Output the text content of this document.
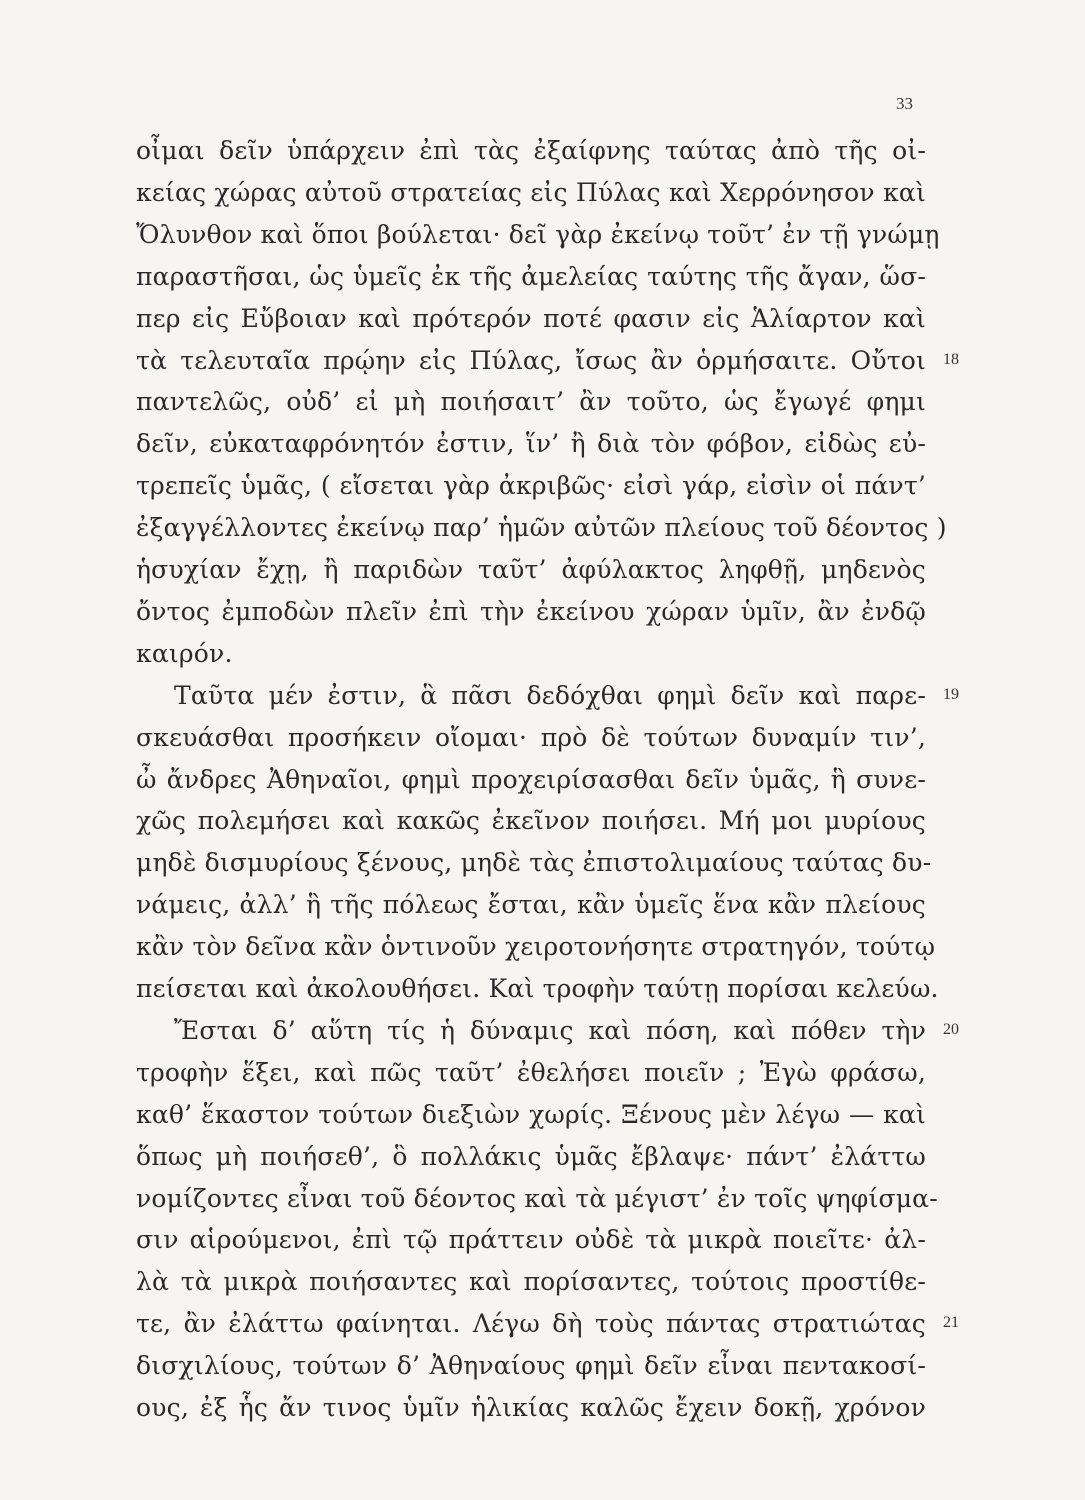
33
οἶμαι δεῖν ὑπάρχειν ἐπὶ τὰς ἐξαίφνης ταύτας ἀπὸ τῆς οἰ-
κείας χώρας αὐτοῦ στρατείας εἰς Πύλας καὶ Χερρόνησον καὶ
Ὄλυνθον καὶ ὅποι βούλεται· δεῖ γὰρ ἐκείνῳ τοῦτ’ ἐν τῇ γνώμῃ
παραστῆσαι, ὡς ὑμεῖς ἐκ τῆς ἀμελείας ταύτης τῆς ἄγαν, ὥσ-
περ εἰς Εὔβοιαν καὶ πρότερόν ποτέ φασιν εἰς Ἁλίαρτον καὶ
τὰ τελευταῖα πρῴην εἰς Πύλας, ἴσως ἂν ὁρμήσαιτε. Οὔτοι
παντελῶς, οὐδ’ εἰ μὴ ποιήσαιτ’ ἂν τοῦτο, ὡς ἔγωγέ φημι
δεῖν, εὐκαταφρόνητόν ἐστιν, ἵν’ ἢ διὰ τὸν φόβον, εἰδὼς εὐ-
τρεπεῖς ὑμᾶς, ( εἴσεται γὰρ ἀκριβῶς· εἰσὶ γάρ, εἰσὶν οἱ πάντ’
ἐξαγγέλλοντες ἐκείνῳ παρ’ ἡμῶν αὐτῶν πλείους τοῦ δέοντος )
ἡσυχίαν ἔχῃ, ἢ παριδὼν ταῦτ’ ἀφύλακτος ληφθῇ, μηδενὸς
ὄντος ἐμποδὼν πλεῖν ἐπὶ τὴν ἐκείνου χώραν ὑμῖν, ἂν ἐνδῷ
καιρόν.
Ταῦτα μέν ἐστιν, ἃ πᾶσι δεδόχθαι φημὶ δεῖν καὶ παρε-
σκευάσθαι προσήκειν οἴομαι· πρὸ δὲ τούτων δυναμίν τιν’,
ὦ ἄνδρες Ἀθηναῖοι, φημὶ προχειρίσασθαι δεῖν ὑμᾶς, ἣ συνε-
χῶς πολεμήσει καὶ κακῶς ἐκεῖνον ποιήσει. Μή μοι μυρίους
μηδὲ δισμυρίους ξένους, μηδὲ τὰς ἐπιστολιμαίους ταύτας δυ-
νάμεις, ἀλλ’ ἣ τῆς πόλεως ἔσται, κἂν ὑμεῖς ἕνα κἂν πλείους
κἂν τὸν δεῖνα κἂν ὁντινοῦν χειροτονήσητε στρατηγόν, τούτῳ
πείσεται καὶ ἀκολουθήσει. Καὶ τροφὴν ταύτῃ πορίσαι κελεύω.
Ἔσται δ’ αὕτη τίς ἡ δύναμις καὶ πόση, καὶ πόθεν τὴν
τροφὴν ἕξει, καὶ πῶς ταῦτ’ ἐθελήσει ποιεῖν ; Ἐγὼ φράσω,
καθ’ ἕκαστον τούτων διεξιὼν χωρίς. Ξένους μὲν λέγω — καὶ
ὅπως μὴ ποιήσεθ’, ὃ πολλάκις ὑμᾶς ἔβλαψε· πάντ’ ἐλάττω
νομίζοντες εἶναι τοῦ δέοντος καὶ τὰ μέγιστ’ ἐν τοῖς ψηφίσμα-
σιν αἱρούμενοι, ἐπὶ τῷ πράττειν οὐδὲ τὰ μικρὰ ποιεῖτε· ἀλ-
λὰ τὰ μικρὰ ποιήσαντες καὶ πορίσαντες, τούτοις προστίθε-
τε, ἂν ἐλάττω φαίνηται. Λέγω δὴ τοὺς πάντας στρατιώτας
δισχιλίους, τούτων δ’ Ἀθηναίους φημὶ δεῖν εἶναι πεντακοσί-
ους, ἐξ ἧς ἄν τινος ὑμῖν ἡλικίας καλῶς ἔχειν δοκῇ, χρόνον
18
19
20
21
